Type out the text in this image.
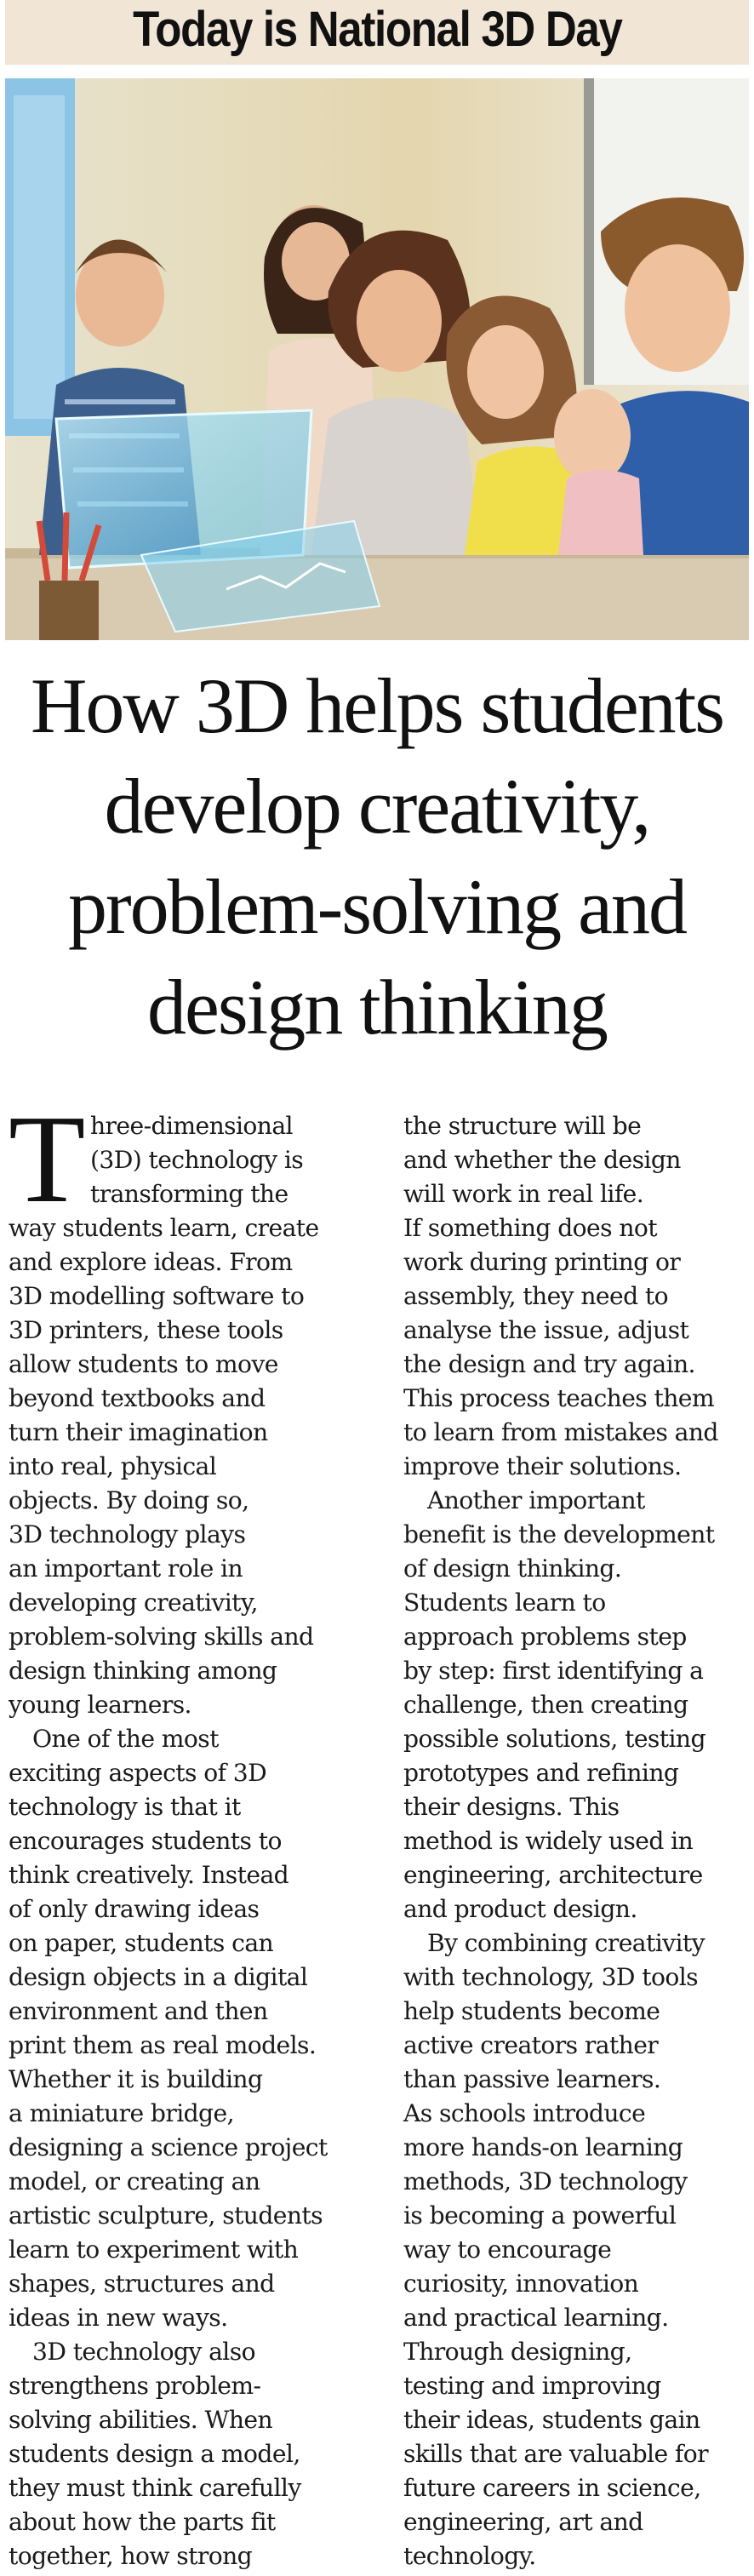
Today is National 3D Day
How 3D helps students
develop creativity,
problem-solving and
design thinking
T hree-dimensional
(3D) technology is
transforming the
way students learn, create
and explore ideas. From
3D modelling software to
3D printers, these tools
allow students to move
beyond textbooks and
turn their imagination
into real, physical
objects. By doing so,
3D technology plays
an important role in
developing creativity,
problem-solving skills and
design thinking among
young learners.
One of the most
exciting aspects of 3D
technology is that it
encourages students to
think creatively. Instead
of only drawing ideas
on paper, students can
design objects in a digital
environment and then
print them as real models.
Whether it is building
a miniature bridge,
designing a science project
model, or creating an
artistic sculpture, students
learn to experiment with
shapes, structures and
ideas in new ways.
3D technology also
strengthens problem-
solving abilities. When
students design a model,
they must think carefully
about how the parts fit
together, how strong
the structure will be
and whether the design
will work in real life.
If something does not
work during printing or
assembly, they need to
analyse the issue, adjust
the design and try again.
This process teaches them
to learn from mistakes and
improve their solutions.
Another important
benefit is the development
of design thinking.
Students learn to
approach problems step
by step: first identifying a
challenge, then creating
possible solutions, testing
prototypes and refining
their designs. This
method is widely used in
engineering, architecture
and product design.
By combining creativity
with technology, 3D tools
help students become
active creators rather
than passive learners.
As schools introduce
more hands-on learning
methods, 3D technology
is becoming a powerful
way to encourage
curiosity, innovation
and practical learning.
Through designing,
testing and improving
their ideas, students gain
skills that are valuable for
future careers in science,
engineering, art and
technology.
